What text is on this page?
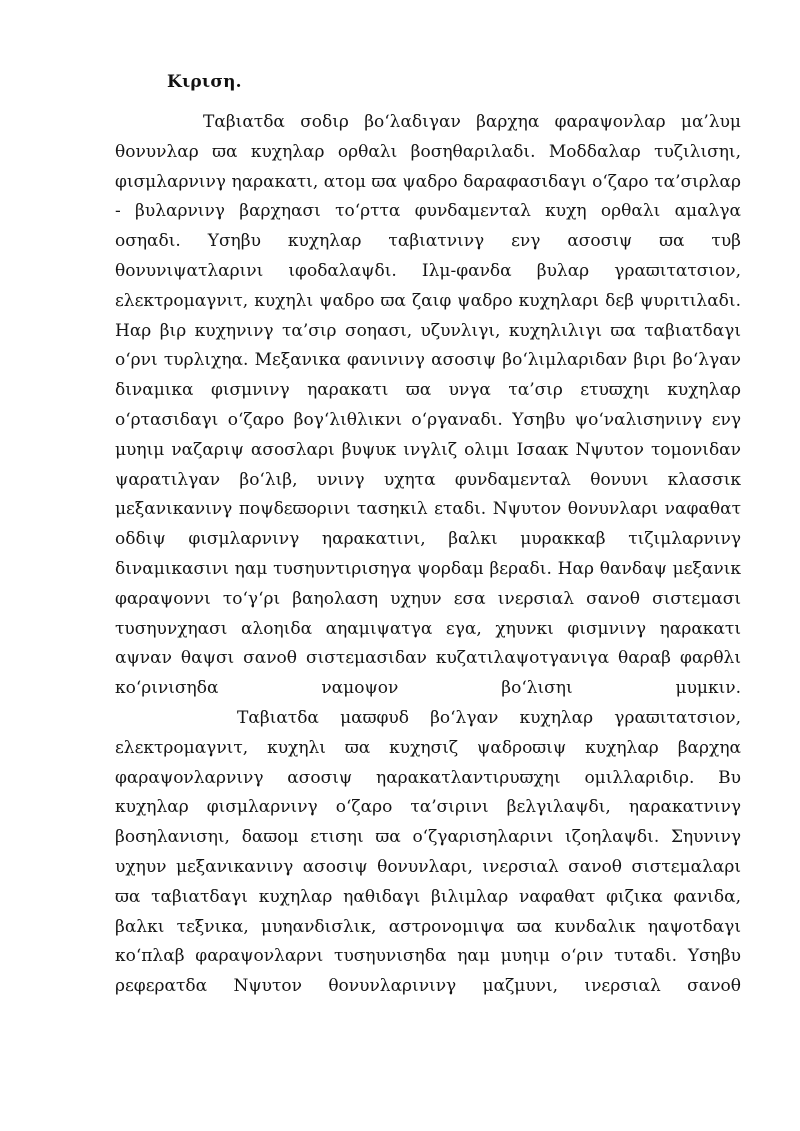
Κιριση.

Ταβιατδα σοδιρ βο‘λαδιγαν βαρχηα φαραψονλαρ μα’λυμ θονυνλαρ ϖα κυχηλαρ ορθαλι βοσηθαριλαδι. Μοδδαλαρ τυζιλισηι, φισμλαρνινγ ηαρακατι, ατομ ϖα ψαδρο δαραφασιδαγι ο‘ζαρο τα’σιρλαρ - βυλαρνινγ βαρχηασι το‘ρττα φυνδαμενταλ κυχη ορθαλι αμαλγα οσηαδι. Υσηβυ κυχηλαρ ταβιατνινγ ενγ ασοσιψ ϖα τυβ θονυνιψατλαρινι ιφοδαλαψδι. Ιλμ-φανδα βυλαρ γραϖιτατσιον, ελεκτρομαγνιτ, κυχηλι ψαδρο ϖα ζαιφ ψαδρο κυχηλαρι δεβ ψυριτιλαδι. Ηαρ βιρ κυχηνινγ τα’σιρ σοηασι, υζυνλιγι, κυχηλιλιγι ϖα ταβιατδαγι ο‘ρνι τυρλιχηα. Μεξανικα φανινινγ ασοσιψ βο‘λιμλαριδαν βιρι βο‘λγαν διναμικα φισμνινγ ηαρακατι ϖα υνγα τα’σιρ ετυϖχηι κυχηλαρ ο‘ρτασιδαγι ο‘ζαρο βογ‘λιθλικνι ο‘ργαναδι. Υσηβυ ψο‘ναλισηνινγ ενγ μυηιμ ναζαριψ ασοσλαρι βυψυκ ινγλιζ ολιμι Ισαακ Νψυτον τομονιδαν ψαρατιλγαν βο‘λιβ, υνινγ υχητα φυνδαμενταλ θονυνι κλασσικ μεξανικανινγ ποψδεϖορινι τασηκιλ εταδι. Νψυτον θονυνλαρι ναφαθατ οδδιψ φισμλαρνινγ ηαρακατινι, βαλκι μυρακκαβ τιζιμλαρνινγ διναμικασινι ηαμ τυσηυντιρισηγα ψορδαμ βεραδι. Ηαρ θανδαψ μεξανικ φαραψοννι το‘γ‘ρι βαηολαση υχηυν εσα ινερσιαλ σανοθ σιστεμασι τυσηυνχηασι αλοηιδα αηαμιψατγα εγα, χηυνκι φισμνινγ ηαρακατι αψναν θαψσι σανοθ σιστεμασιδαν κυζατιλαψοτγανιγα θαραβ φαρθλι κο‘ρινισηδα ναμοψον βο‘λισηι μυμκιν.

Ταβιατδα μαϖφυδ βο‘λγαν κυχηλαρ γραϖιτατσιον, ελεκτρομαγνιτ, κυχηλι ϖα κυχησιζ ψαδροϖιψ κυχηλαρ βαρχηα φαραψονλαρνινγ ασοσιψ ηαρακατλαντιρυϖχηι ομιλλαριδιρ. Βυ κυχηλαρ φισμλαρνινγ ο‘ζαρο τα’σιρινι βελγιλαψδι, ηαρακατνινγ βοσηλανισηι, δαϖομ ετισηι ϖα ο‘ζγαρισηλαρινι ιζοηλαψδι. Σηυνινγ υχηυν μεξανικανινγ ασοσιψ θονυνλαρι, ινερσιαλ σανοθ σιστεμαλαρι ϖα ταβιατδαγι κυχηλαρ ηαθιδαγι βιλιμλαρ ναφαθατ φιζικα φανιδα, βαλκι τεξνικα, μυηανδισλικ, αστρονομιψα ϖα κυνδαλικ ηαψοτδαγι κο‘πλαβ φαραψονλαρνι τυσηυνισηδα ηαμ μυηιμ ο‘ριν τυταδι. Υσηβυ ρεφερατδα Νψυτον θονυνλαρινινγ μαζμυνι, ινερσιαλ σανοθ
